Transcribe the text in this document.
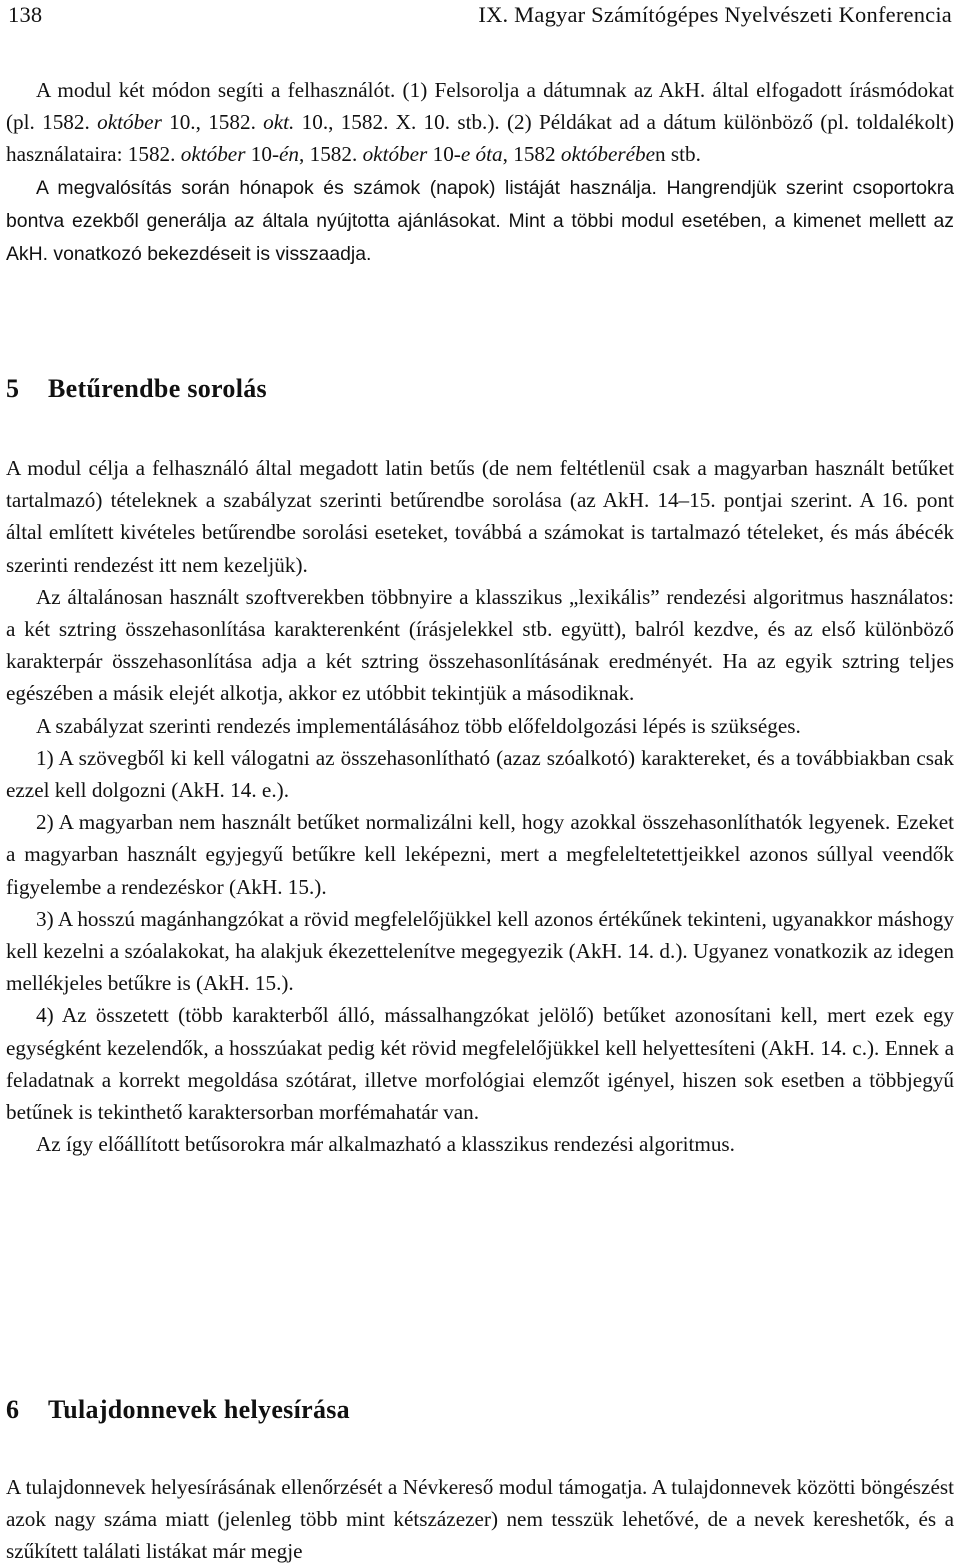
138	IX. Magyar Számítógépes Nyelvészeti Konferencia

A modul két módon segíti a felhasználót. (1) Felsorolja a dátumnak az AkH. által elfogadott írásmódokat (pl. 1582. október 10., 1582. okt. 10., 1582. X. 10. stb.). (2) Példákat ad a dátum különböző (pl. toldalékolt) használataira: 1582. október 10-én, 1582. október 10-e óta, 1582 októberében stb.

A megvalósítás során hónapok és számok (napok) listáját használja. Hangrendjük szerint csoportokra bontva ezekből generálja az általa nyújtotta ajánlásokat. Mint a többi modul esetében, a kimenet mellett az AkH. vonatkozó bekezdéseit is visszaadja.

5 Betűrendbe sorolás

A modul célja a felhasználó által megadott latin betűs (de nem feltétlenül csak a magyarban használt betűket tartalmazó) tételeknek a szabályzat szerinti betűrendbe sorolása (az AkH. 14–15. pontjai szerint. A 16. pont által említett kivételes betűrendbe sorolási eseteket, továbbá a számokat is tartalmazó tételeket, és más ábécék szerinti rendezést itt nem kezeljük).

Az általánosan használt szoftverekben többnyire a klasszikus „lexikális” rendezési algoritmus használatos: a két sztring összehasonlítása karakterenként (írásjelekkel stb. együtt), balról kezdve, és az első különböző karakterpár összehasonlítása adja a két sztring összehasonlításának eredményét. Ha az egyik sztring teljes egészében a másik elejét alkotja, akkor ez utóbbit tekintjük a másodiknak.

A szabályzat szerinti rendezés implementálásához több előfeldolgozási lépés is szükséges.

1) A szövegből ki kell válogatni az összehasonlítható (azaz szóalkotó) karaktereket, és a továbbiakban csak ezzel kell dolgozni (AkH. 14. e.).

2) A magyarban nem használt betűket normalizálni kell, hogy azokkal összehasonlíthatók legyenek. Ezeket a magyarban használt egyjegyű betűkre kell leképezni, mert a megfeleltetettjeikkel azonos súllyal veendők figyelembe a rendezéskor (AkH. 15.).

3) A hosszú magánhangzókat a rövid megfelelőjükkel kell azonos értékűnek tekinteni, ugyanakkor máshogy kell kezelni a szóalakokat, ha alakjuk ékezettelenítve megegyezik (AkH. 14. d.). Ugyanez vonatkozik az idegen mellékjeles betűkre is (AkH. 15.).

4) Az összetett (több karakterből álló, mássalhangzókat jelölő) betűket azonosítani kell, mert ezek egy egységként kezelendők, a hosszúakat pedig két rövid megfelelőjükkel kell helyettesíteni (AkH. 14. c.). Ennek a feladatnak a korrekt megoldása szótárat, illetve morfológiai elemzőt igényel, hiszen sok esetben a többjegyű betűnek is tekinthető karaktersorban morfémahatár van.

Az így előállított betűsorokra már alkalmazható a klasszikus rendezési algoritmus.

6 Tulajdonnevek helyesírása

A tulajdonnevek helyesírásának ellenőrzését a Névkereső modul támogatja. A tulajdonnevek közötti böngészést azok nagy száma miatt (jelenleg több mint kétszázezer) nem tesszük lehetővé, de a nevek kereshetők, és a szűkített találati listákat már megje
